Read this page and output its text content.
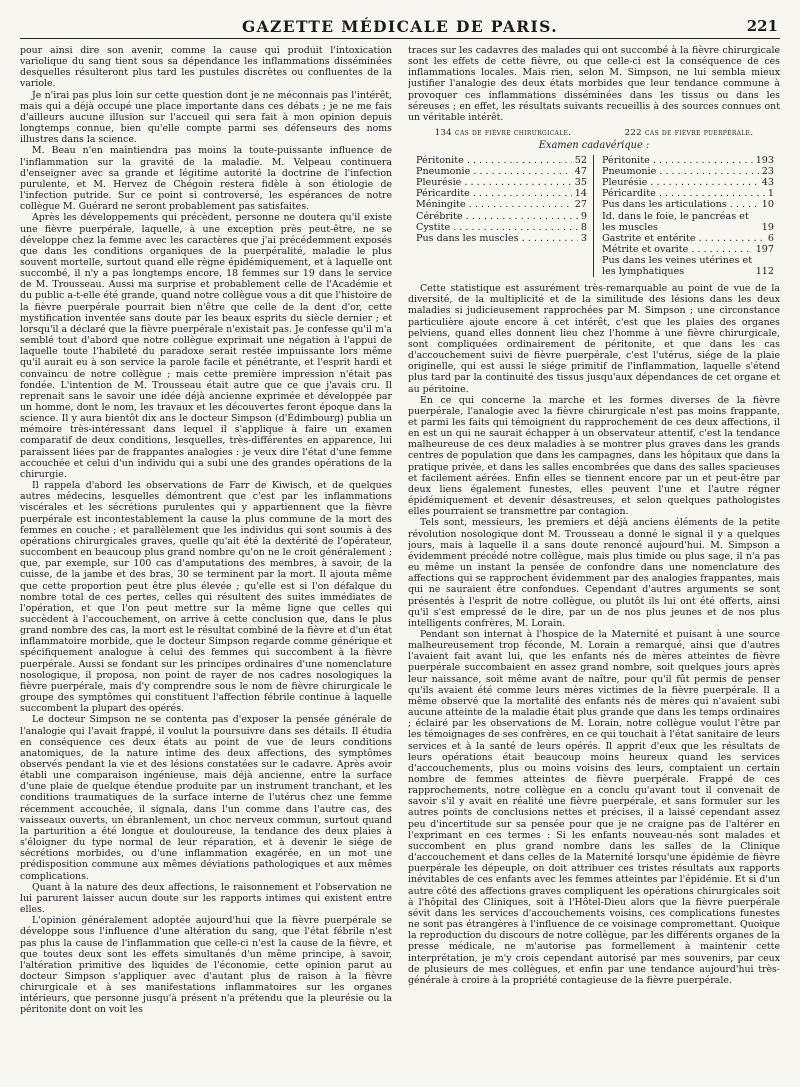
GAZETTE MÉDICALE DE PARIS.	221

pour ainsi dire son avenir, comme la cause qui produit l'intoxication variolique du sang tient sous sa dépendance les inflammations disséminées desquelles résulteront plus tard les pustules discrètes ou confluentes de la variole.

Je n'irai pas plus loin sur cette question dont je ne méconnais pas l'intérêt, mais qui a déjà occupé une place importante dans ces débats ; je ne me fais d'ailleurs aucune illusion sur l'accueil qui sera fait à mon opinion depuis longtemps connue, bien qu'elle compte parmi ses défenseurs des noms illustres dans la science.

M. Beau n'en maintiendra pas moins la toute-puissante influence de l'inflammation sur la gravité de la maladie. M. Velpeau continuera d'enseigner avec sa grande et légitime autorité la doctrine de l'infection purulente, et M. Hervez de Chégoin restera fidèle à son étiologie de l'infection putride. Sur ce point si controversé, les espérances de notre collègue M. Guérard ne seront probablement pas satisfaites.

Après les développements qui précèdent, personne ne doutera qu'il existe une fièvre puerpérale, laquelle, à une exception près peut-être, ne se développe chez la femme avec les caractères que j'ai précédemment exposés que dans les conditions organiques de la puerpéralité, maladie le plus souvent mortelle, surtout quand elle règne épidémiquement, et à laquelle ont succombé, il n'y a pas longtemps encore, 18 femmes sur 19 dans le service de M. Trousseau. Aussi ma surprise et probablement celle de l'Académie et du public a-t-elle été grande, quand notre collègue vous a dit que l'histoire de la fièvre puerpérale pourrait bien n'être que celle de la dent d'or, cette mystification inventée sans doute par les beaux esprits du siècle dernier ; et lorsqu'il a déclaré que la fièvre puerpérale n'existait pas. Je confesse qu'il m'a semblé tout d'abord que notre collègue exprimait une négation à l'appui de laquelle toute l'habileté du paradoxe serait restée impuissante lors même qu'il aurait eu à son service la parole facile et pénétrante, et l'esprit hardi et convaincu de notre collègue ; mais cette première impression n'était pas fondée. L'intention de M. Trousseau était autre que ce que j'avais cru. Il reprenait sans le savoir une idée déjà ancienne exprimée et développée par un homme, dont le nom, les travaux et les découvertes feront époque dans la science. Il y aura bientôt dix ans le docteur Simpson (d'Édimbourg) publia un mémoire très-intéressant dans lequel il s'applique à faire un examen comparatif de deux conditions, lesquelles, très-différentes en apparence, lui paraissent liées par de frappantes analogies : je veux dire l'état d'une femme accouchée et celui d'un individu qui a subi une des grandes opérations de la chirurgie.

Il rappela d'abord les observations de Farr de Kiwisch, et de quelques autres médecins, lesquelles démontrent que c'est par les inflammations viscérales et les sécrétions purulentes qui y appartiennent que la fièvre puerpérale est incontestablement la cause la plus commune de la mort des femmes en couche ; et parallèlement que les individus qui sont soumis à des opérations chirurgicales graves, quelle qu'ait été la dextérité de l'opérateur, succombent en beaucoup plus grand nombre qu'on ne le croit généralement ; que, par exemple, sur 100 cas d'amputations des membres, à savoir, de la cuisse, de la jambe et des bras, 30 se terminent par la mort. Il ajouta même que cette proportion peut être plus élevée ; qu'elle est si l'on défalque du nombre total de ces pertes, celles qui résultent des suites immédiates de l'opération, et que l'on peut mettre sur la même ligne que celles qui succèdent à l'accouchement, on arrive à cette conclusion que, dans le plus grand nombre des cas, la mort est le résultat combiné de la fièvre et d'un état inflammatoire morbide, que le docteur Simpson regarde comme générique et spécifiquement analogue à celui des femmes qui succombent à la fièvre puerpérale. Aussi se fondant sur les principes ordinaires d'une nomenclature nosologique, il proposa, non point de rayer de nos cadres nosologiques la fièvre puerpérale, mais d'y comprendre sous le nom de fièvre chirurgicale le groupe des symptômes qui constituent l'affection fébrile continue à laquelle succombent la plupart des opérés.

Le docteur Simpson ne se contenta pas d'exposer la pensée générale de l'analogie qui l'avait frappé, il voulut la poursuivre dans ses détails. Il étudia en conséquence ces deux états au point de vue de leurs conditions anatomiques, de la nature intime des deux affections, des symptômes observés pendant la vie et des lésions constatées sur le cadavre. Après avoir établi une comparaison ingénieuse, mais déjà ancienne, entre la surface d'une plaie de quelque étendue produite par un instrument tranchant, et les conditions traumatiques de la surface interne de l'utérus chez une femme récemment accouchée, il signala, dans l'un comme dans l'autre cas, des vaisseaux ouverts, un ébranlement, un choc nerveux commun, surtout quand la parturition a été longue et douloureuse, la tendance des deux plaies à s'éloigner du type normal de leur réparation, et à devenir le siége de sécrétions morbides, ou d'une inflammation exagérée, en un mot une prédisposition commune aux mêmes déviations pathologiques et aux mêmes complications.

Quant à la nature des deux affections, le raisonnement et l'observation ne lui parurent laisser aucun doute sur les rapports intimes qui existent entre elles.

L'opinion généralement adoptée aujourd'hui que la fièvre puerpérale se développe sous l'influence d'une altération du sang, que l'état fébrile n'est pas plus la cause de l'inflammation que celle-ci n'est la cause de la fièvre, et que toutes deux sont les effets simultanés d'un même principe, à savoir, l'altération primitive des liquides de l'économie, cette opinion parut au docteur Simpson s'appliquer avec d'autant plus de raison à la fièvre chirurgicale et à ses manifestations inflammatoires sur les organes intérieurs, que personne jusqu'à présent n'a prétendu que la pleurésie ou la péritonite dont on voit les

traces sur les cadavres des malades qui ont succombé à la fièvre chirurgicale sont les effets de cette fièvre, ou que celle-ci est la conséquence de ces inflammations locales. Mais rien, selon M. Simpson, ne lui sembla mieux justifier l'analogie des deux états morbides que leur tendance commune à provoquer ces inflammations disséminées dans les tissus ou dans les séreuses ; en effet, les résultats suivants recueillis à des sources connues ont un véritable intérêt.

134 cas de fièvre chirurgicale.	222 cas de fièvre puerpérale.
Examen cadavérique :
Péritonite . . .	52
Pneumonie . . .	47
Pleurésie . . .	35
Péricardite . . .	14
Méningite . . .	27
Cérébrite . . .	9
Cystite . . .	8
Pus dans les muscles . . .	3
Péritonite . . .	193
Pneumonie . . .	23
Pleurésie . . .	43
Péricardite . . .	1
Pus dans les articulations . . .	10
Id. dans le foie, le pancréas et les muscles	19
Gastrite et entérite . . .	6
Métrite et ovarite . . .	197
Pus dans les veines utérines et les lymphatiques	112

Cette statistique est assurément très-remarquable au point de vue de la diversité, de la multiplicité et de la similitude des lésions dans les deux maladies si judicieusement rapprochées par M. Simpson ; une circonstance particulière ajoute encore à cet intérêt, c'est que les plaies des organes pelviens, quand elles donnent lieu chez l'homme à une fièvre chirurgicale, sont compliquées ordinairement de péritonite, et que dans les cas d'accouchement suivi de fièvre puerpérale, c'est l'utérus, siége de la plaie originelle, qui est aussi le siége primitif de l'inflammation, laquelle s'étend plus tard par la continuité des tissus jusqu'aux dépendances de cet organe et au péritoine.

En ce qui concerne la marche et les formes diverses de la fièvre puerpérale, l'analogie avec la fièvre chirurgicale n'est pas moins frappante, et parmi les faits qui témoignent du rapprochement de ces deux affections, il en est un qui ne saurait échapper à un observateur attentif, c'est la tendance malheureuse de ces deux maladies à se montrer plus graves dans les grands centres de population que dans les campagnes, dans les hôpitaux que dans la pratique privée, et dans les salles encombrées que dans des salles spacieuses et facilement aérées. Enfin elles se tiennent encore par un et peut-être par deux liens également funestes, elles peuvent l'une et l'autre régner épidémiquement et devenir désastreuses, et selon quelques pathologistes elles pourraient se transmettre par contagion.

Tels sont, messieurs, les premiers et déjà anciens éléments de la petite révolution nosologique dont M. Trousseau a donné le signal il y a quelques jours, mais à laquelle il a sans doute renoncé aujourd'hui. M. Simpson a évidemment précédé notre collègue, mais plus timide ou plus sage, il n'a pas eu même un instant la pensée de confondre dans une nomenclature des affections qui se rapprochent évidemment par des analogies frappantes, mais qui ne sauraient être confondues. Cependant d'autres arguments se sont présentés à l'esprit de notre collègue, ou plutôt ils lui ont été offerts, ainsi qu'il s'est empressé de le dire, par un de nos plus jeunes et de nos plus intelligents confrères, M. Lorain.

Pendant son internat à l'hospice de la Maternité et puisant à une source malheureusement trop féconde, M. Lorain a remarqué, ainsi que d'autres l'avaient fait avant lui, que les enfants nés de mères atteintes de fièvre puerpérale succombaient en assez grand nombre, soit quelques jours après leur naissance, soit même avant de naître, pour qu'il fût permis de penser qu'ils avaient été comme leurs mères victimes de la fièvre puerpérale. Il a même observé que la mortalité des enfants nés de mères qui n'avaient subi aucune atteinte de la maladie était plus grande que dans les temps ordinaires ; éclairé par les observations de M. Lorain, notre collègue voulut l'être par les témoignages de ses confrères, en ce qui touchait à l'état sanitaire de leurs services et à la santé de leurs opérés. Il apprit d'eux que les résultats de leurs opérations était beaucoup moins heureux quand les services d'accouchements, plus ou moins voisins des leurs, comptaient un certain nombre de femmes atteintes de fièvre puerpérale. Frappé de ces rapprochements, notre collègue en a conclu qu'avant tout il convenait de savoir s'il y avait en réalité une fièvre puerpérale, et sans formuler sur les autres points de conclusions nettes et précises, il a laissé cependant assez peu d'incertitude sur sa pensée pour que je ne craigne pas de l'altérer en l'exprimant en ces termes : Si les enfants nouveau-nés sont malades et succombent en plus grand nombre dans les salles de la Clinique d'accouchement et dans celles de la Maternité lorsqu'une épidémie de fièvre puerpérale les dépeuple, on doit attribuer ces tristes résultats aux rapports inévitables de ces enfants avec les femmes atteintes par l'épidémie. Et si d'un autre côté des affections graves compliquent les opérations chirurgicales soit à l'hôpital des Cliniques, soit à l'Hôtel-Dieu alors que la fièvre puerpérale sévit dans les services d'accouchements voisins, ces complications funestes ne sont pas étrangères à l'influence de ce voisinage compromettant. Quoique la reproduction du discours de notre collègue, par les différents organes de la presse médicale, ne m'autorise pas formellement à maintenir cette interprétation, je m'y crois cependant autorisé par mes souvenirs, par ceux de plusieurs de mes collègues, et enfin par une tendance aujourd'hui très-générale à croire à la propriété contagieuse de la fièvre puerpérale.
